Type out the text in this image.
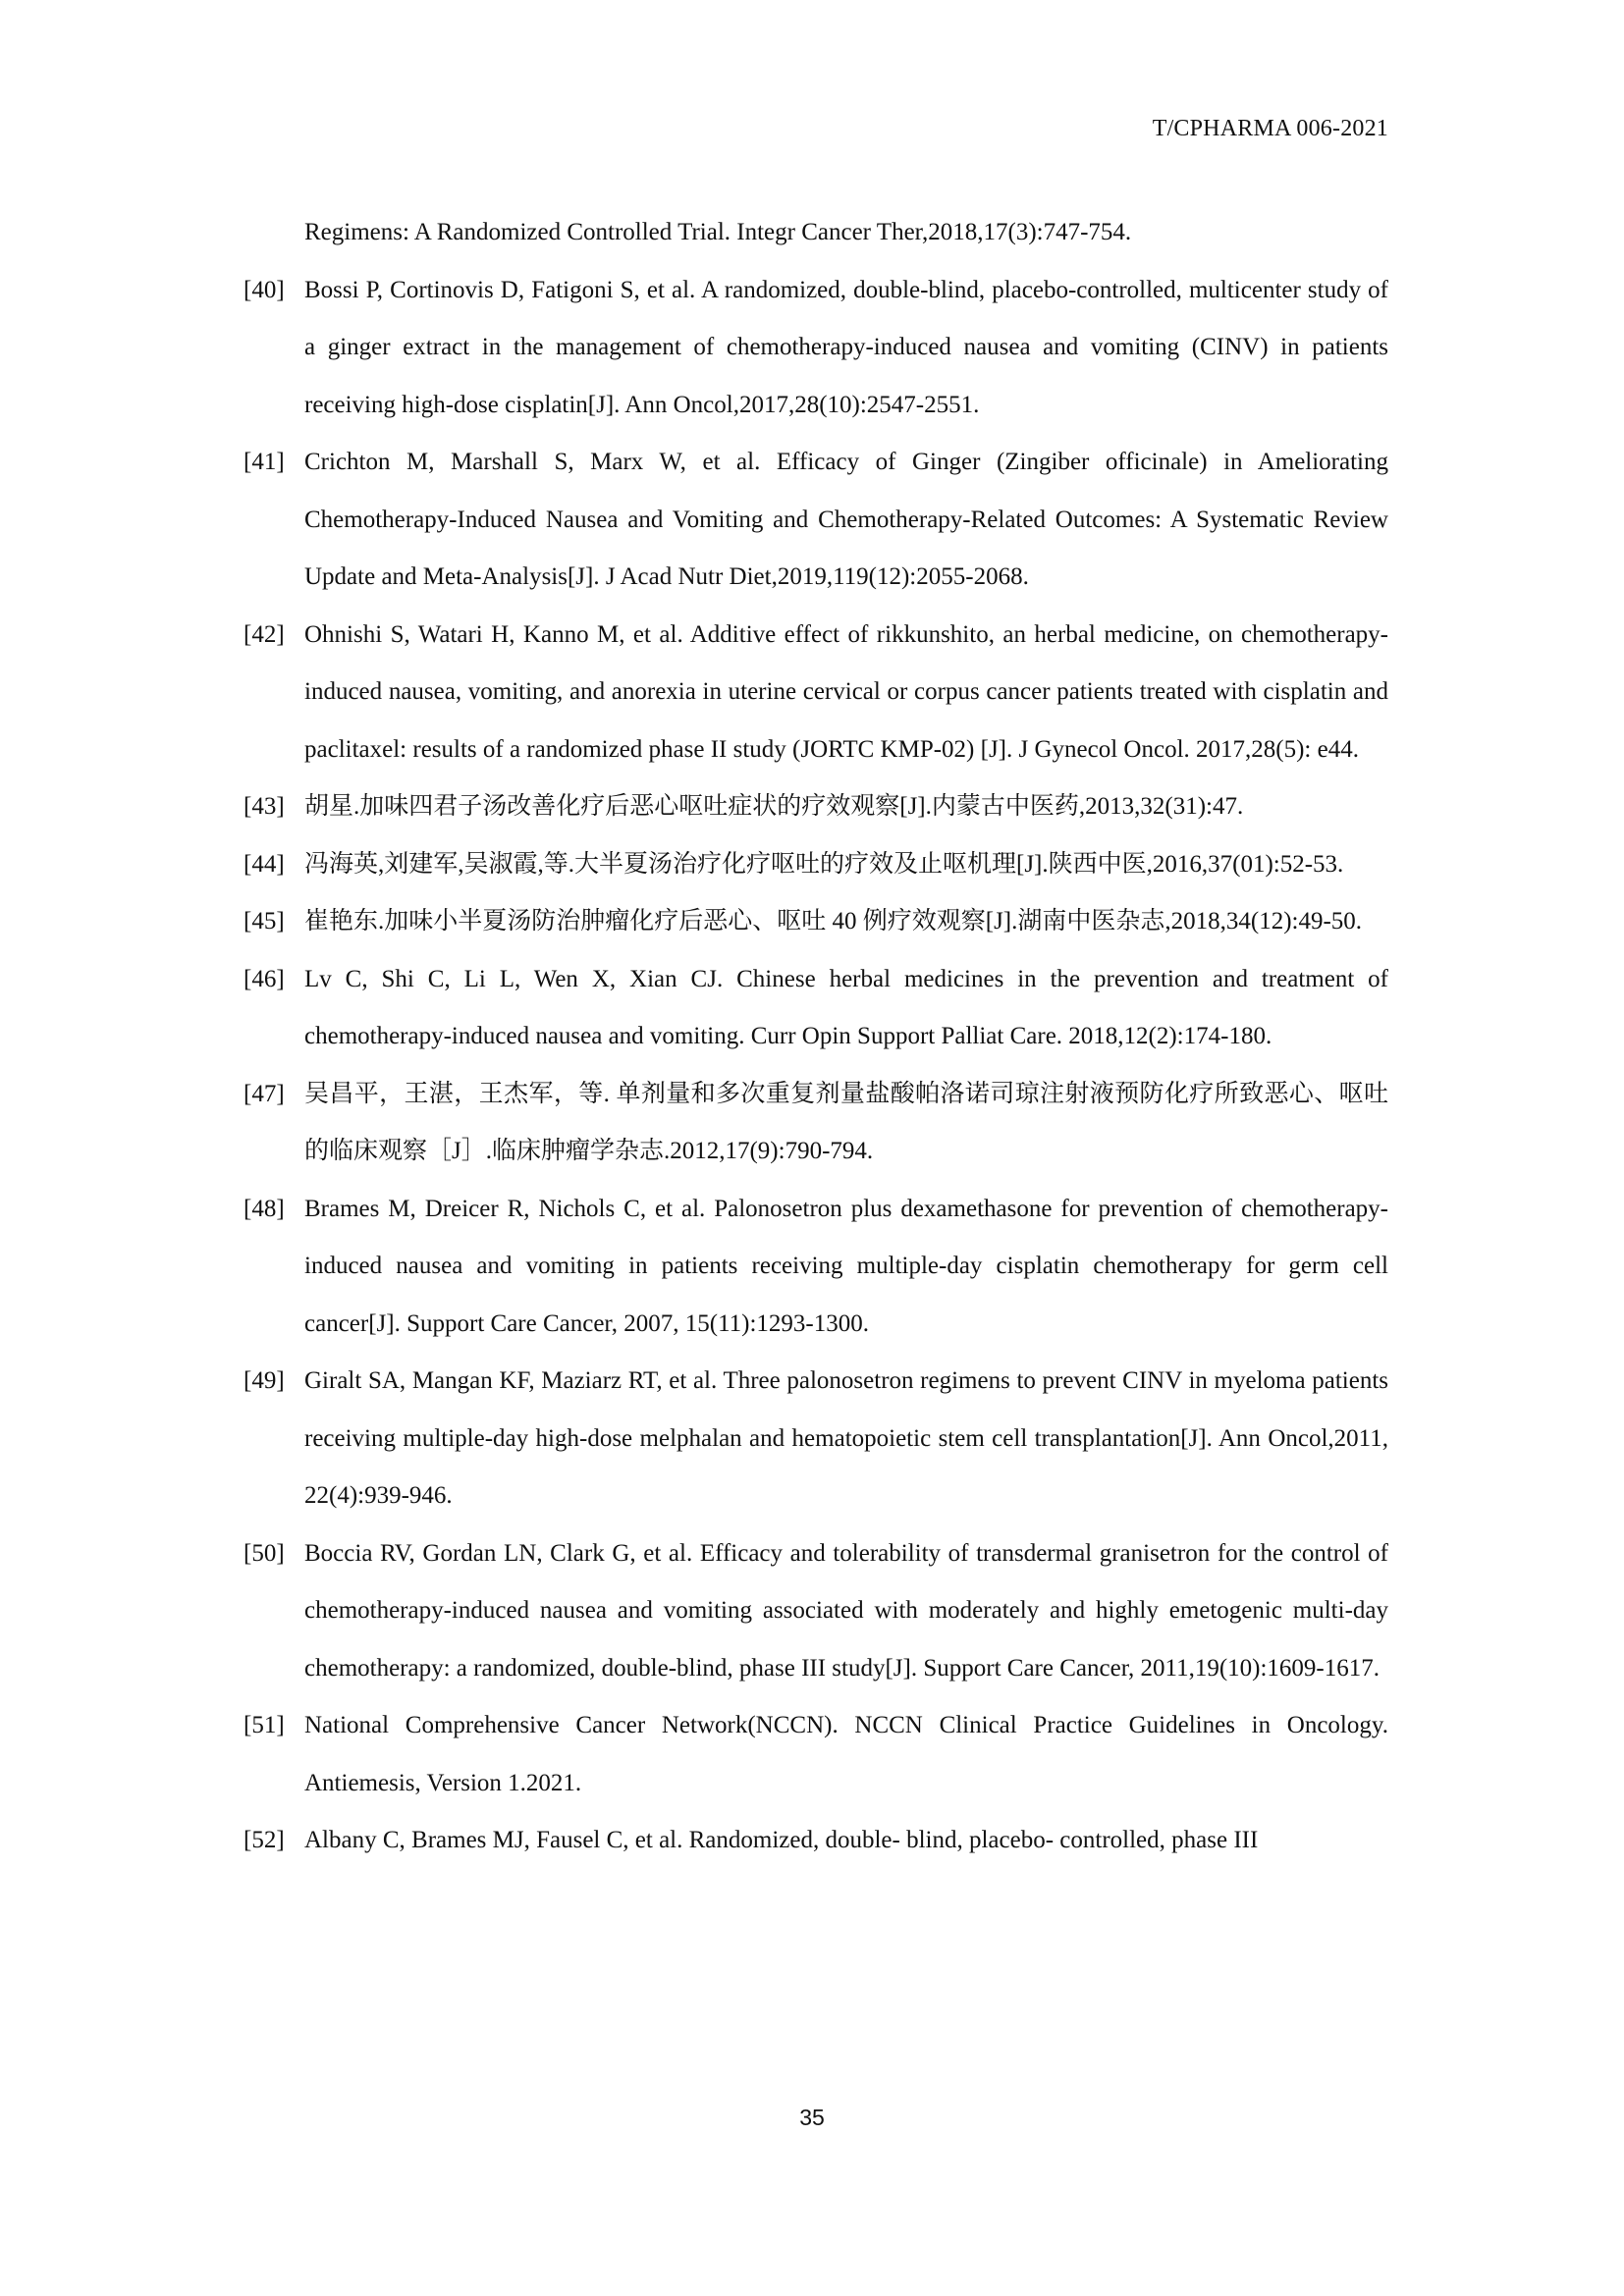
T/CPHARMA 006-2021
Regimens: A Randomized Controlled Trial. Integr Cancer Ther,2018,17(3):747-754.
[40] Bossi P, Cortinovis D, Fatigoni S, et al. A randomized, double-blind, placebo-controlled, multicenter study of a ginger extract in the management of chemotherapy-induced nausea and vomiting (CINV) in patients receiving high-dose cisplatin[J]. Ann Oncol,2017,28(10):2547-2551.
[41] Crichton M, Marshall S, Marx W, et al. Efficacy of Ginger (Zingiber officinale) in Ameliorating Chemotherapy-Induced Nausea and Vomiting and Chemotherapy-Related Outcomes: A Systematic Review Update and Meta-Analysis[J]. J Acad Nutr Diet,2019,119(12):2055-2068.
[42] Ohnishi S, Watari H, Kanno M, et al. Additive effect of rikkunshito, an herbal medicine, on chemotherapy-induced nausea, vomiting, and anorexia in uterine cervical or corpus cancer patients treated with cisplatin and paclitaxel: results of a randomized phase II study (JORTC KMP-02) [J]. J Gynecol Oncol. 2017,28(5): e44.
[43] 胡星.加味四君子汤改善化疗后恶心呕吐症状的疗效观察[J].内蒙古中医药,2013,32(31):47.
[44] 冯海英,刘建军,吴淑霞,等.大半夏汤治疗化疗呕吐的疗效及止呕机理[J].陕西中医,2016,37(01):52-53.
[45] 崔艳东.加味小半夏汤防治肿瘤化疗后恶心、呕吐 40 例疗效观察[J].湖南中医杂志,2018,34(12):49-50.
[46] Lv C, Shi C, Li L, Wen X, Xian CJ. Chinese herbal medicines in the prevention and treatment of chemotherapy-induced nausea and vomiting. Curr Opin Support Palliat Care. 2018,12(2):174-180.
[47] 吴昌平，王湛，王杰军，等. 单剂量和多次重复剂量盐酸帕洛诺司琼注射液预防化疗所致恶心、呕吐的临床观察［J］.临床肿瘤学杂志.2012,17(9):790-794.
[48] Brames M, Dreicer R, Nichols C, et al. Palonosetron plus dexamethasone for prevention of chemotherapy-induced nausea and vomiting in patients receiving multiple-day cisplatin chemotherapy for germ cell cancer[J]. Support Care Cancer, 2007, 15(11):1293-1300.
[49] Giralt SA, Mangan KF, Maziarz RT, et al. Three palonosetron regimens to prevent CINV in myeloma patients receiving multiple-day high-dose melphalan and hematopoietic stem cell transplantation[J]. Ann Oncol,2011, 22(4):939-946.
[50] Boccia RV, Gordan LN, Clark G, et al. Efficacy and tolerability of transdermal granisetron for the control of chemotherapy-induced nausea and vomiting associated with moderately and highly emetogenic multi-day chemotherapy: a randomized, double-blind, phase III study[J]. Support Care Cancer, 2011,19(10):1609-1617.
[51] National Comprehensive Cancer Network(NCCN). NCCN Clinical Practice Guidelines in Oncology. Antiemesis, Version 1.2021.
[52] Albany C, Brames MJ, Fausel C, et al. Randomized, double‑ blind, placebo‑ controlled, phase III
35
